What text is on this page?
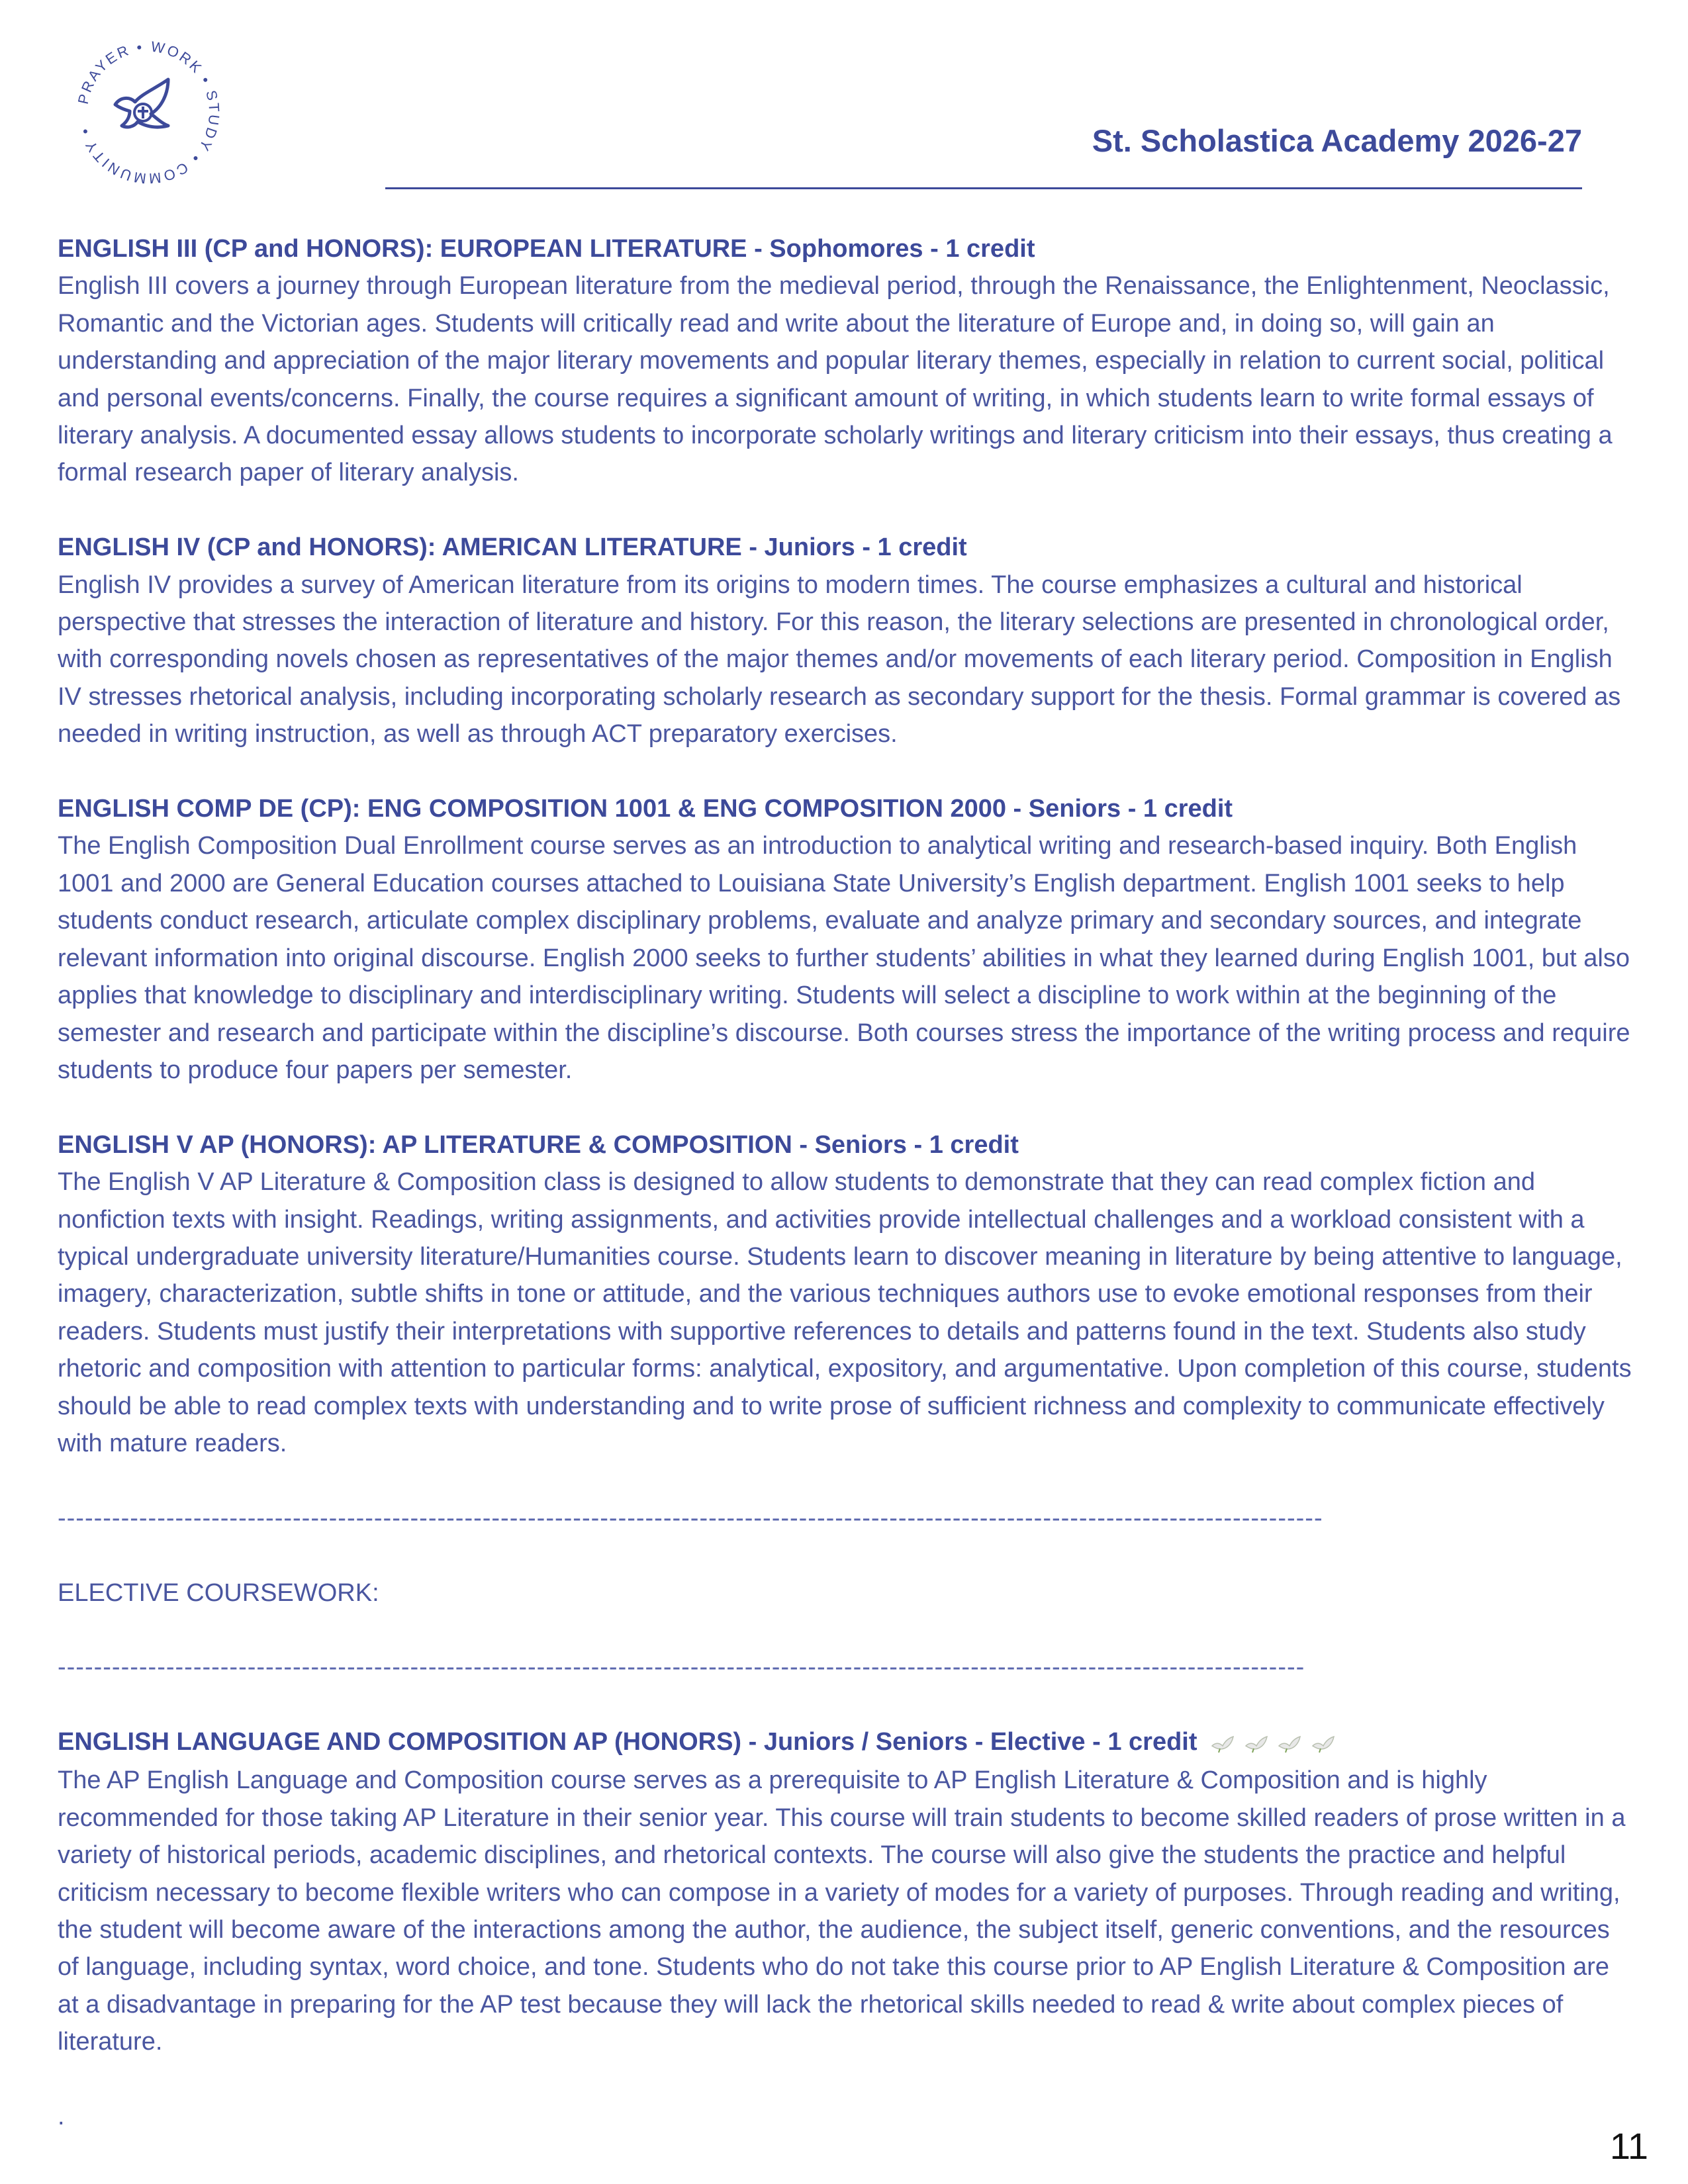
PRAYER • WORK • STUDY • COMMUNITY •	St. Scholastica Academy 2026-27
ENGLISH III (CP and HONORS): EUROPEAN LITERATURE - Sophomores - 1 credit
English III covers a journey through European literature from the medieval period, through the Renaissance, the Enlightenment, Neoclassic, Romantic and the Victorian ages. Students will critically read and write about the literature of Europe and, in doing so, will gain an understanding and appreciation of the major literary movements and popular literary themes, especially in relation to current social, political and personal events/concerns. Finally, the course requires a significant amount of writing, in which students learn to write formal essays of literary analysis. A documented essay allows students to incorporate scholarly writings and literary criticism into their essays, thus creating a formal research paper of literary analysis.
ENGLISH IV (CP and HONORS): AMERICAN LITERATURE - Juniors - 1 credit
English IV provides a survey of American literature from its origins to modern times. The course emphasizes a cultural and historical perspective that stresses the interaction of literature and history. For this reason, the literary selections are presented in chronological order, with corresponding novels chosen as representatives of the major themes and/or movements of each literary period. Composition in English IV stresses rhetorical analysis, including incorporating scholarly research as secondary support for the thesis. Formal grammar is covered as needed in writing instruction, as well as through ACT preparatory exercises.
ENGLISH COMP DE (CP): ENG COMPOSITION 1001 & ENG COMPOSITION 2000 - Seniors - 1 credit
The English Composition Dual Enrollment course serves as an introduction to analytical writing and research-based inquiry. Both English 1001 and 2000 are General Education courses attached to Louisiana State University’s English department. English 1001 seeks to help students conduct research, articulate complex disciplinary problems, evaluate and analyze primary and secondary sources, and integrate relevant information into original discourse. English 2000 seeks to further students’ abilities in what they learned during English 1001, but also applies that knowledge to disciplinary and interdisciplinary writing. Students will select a discipline to work within at the beginning of the semester and research and participate within the discipline’s discourse. Both courses stress the importance of the writing process and require students to produce four papers per semester.
ENGLISH V AP (HONORS): AP LITERATURE & COMPOSITION - Seniors - 1 credit
The English V AP Literature & Composition class is designed to allow students to demonstrate that they can read complex fiction and nonfiction texts with insight. Readings, writing assignments, and activities provide intellectual challenges and a workload consistent with a typical undergraduate university literature/Humanities course. Students learn to discover meaning in literature by being attentive to language, imagery, characterization, subtle shifts in tone or attitude, and the various techniques authors use to evoke emotional responses from their readers. Students must justify their interpretations with supportive references to details and patterns found in the text. Students also study rhetoric and composition with attention to particular forms: analytical, expository, and argumentative. Upon completion of this course, students should be able to read complex texts with understanding and to write prose of sufficient richness and complexity to communicate effectively with mature readers.
--------------------------------------------------------------------------------------------------------------------------------------------
ELECTIVE COURSEWORK:
------------------------------------------------------------------------------------------------------------------------------------------
ENGLISH LANGUAGE AND COMPOSITION AP (HONORS) - Juniors / Seniors - Elective - 1 credit
The AP English Language and Composition course serves as a prerequisite to AP English Literature & Composition and is highly recommended for those taking AP Literature in their senior year. This course will train students to become skilled readers of prose written in a variety of historical periods, academic disciplines, and rhetorical contexts. The course will also give the students the practice and helpful criticism necessary to become flexible writers who can compose in a variety of modes for a variety of purposes. Through reading and writing, the student will become aware of the interactions among the author, the audience, the subject itself, generic conventions, and the resources of language, including syntax, word choice, and tone. Students who do not take this course prior to AP English Literature & Composition are at a disadvantage in preparing for the AP test because they will lack the rhetorical skills needed to read & write about complex pieces of literature.
.
11
